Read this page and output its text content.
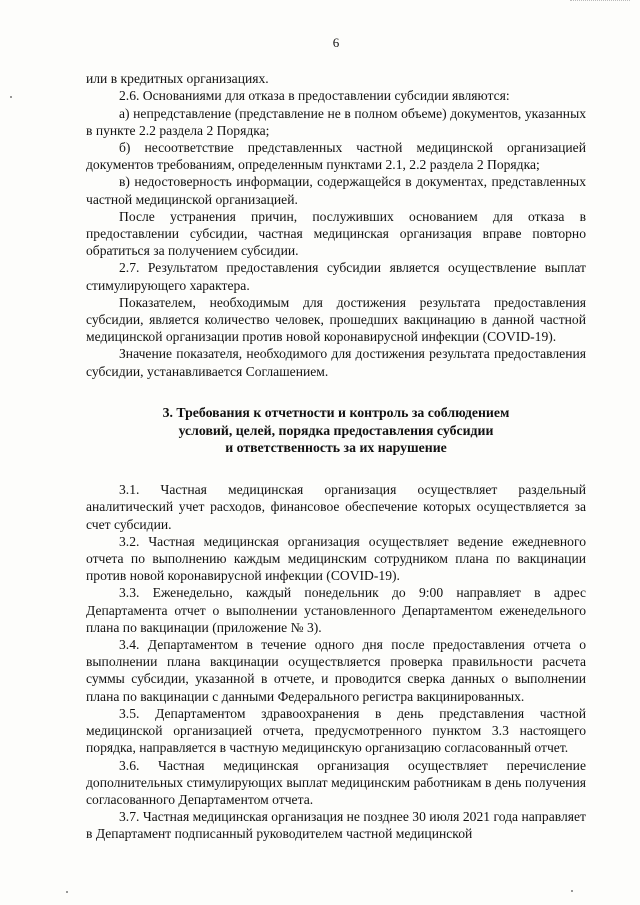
6

или в кредитных организациях.

2.6. Основаниями для отказа в предоставлении субсидии являются:

а) непредставление (представление не в полном объеме) документов, указанных в пункте 2.2 раздела 2 Порядка;

б) несоответствие представленных частной медицинской организацией документов требованиям, определенным пунктами 2.1, 2.2 раздела 2 Порядка;

в) недостоверность информации, содержащейся в документах, представленных частной медицинской организацией.

После устранения причин, послуживших основанием для отказа в предоставлении субсидии, частная медицинская организация вправе повторно обратиться за получением субсидии.

2.7. Результатом предоставления субсидии является осуществление выплат стимулирующего характера.

Показателем, необходимым для достижения результата предоставления субсидии, является количество человек, прошедших вакцинацию в данной частной медицинской организации против новой коронавирусной инфекции (COVID-19).

Значение показателя, необходимого для достижения результата предоставления субсидии, устанавливается Соглашением.

3. Требования к отчетности и контроль за соблюдением
условий, целей, порядка предоставления субсидии
и ответственность за их нарушение

3.1. Частная медицинская организация осуществляет раздельный аналитический учет расходов, финансовое обеспечение которых осуществляется за счет субсидии.

3.2. Частная медицинская организация осуществляет ведение ежедневного отчета по выполнению каждым медицинским сотрудником плана по вакцинации против новой коронавирусной инфекции (COVID-19).

3.3. Еженедельно, каждый понедельник до 9:00 направляет в адрес Департамента отчет о выполнении установленного Департаментом еженедельного плана по вакцинации (приложение № 3).

3.4. Департаментом в течение одного дня после предоставления отчета о выполнении плана вакцинации осуществляется проверка правильности расчета суммы субсидии, указанной в отчете, и проводится сверка данных о выполнении плана по вакцинации с данными Федерального регистра вакцинированных.

3.5. Департаментом здравоохранения в день представления частной медицинской организацией отчета, предусмотренного пунктом 3.3 настоящего порядка, направляется в частную медицинскую организацию согласованный отчет.

3.6. Частная медицинская организация осуществляет перечисление дополнительных стимулирующих выплат медицинским работникам в день получения согласованного Департаментом отчета.

3.7. Частная медицинская организация не позднее 30 июля 2021 года направляет в Департамент подписанный руководителем частной медицинской
